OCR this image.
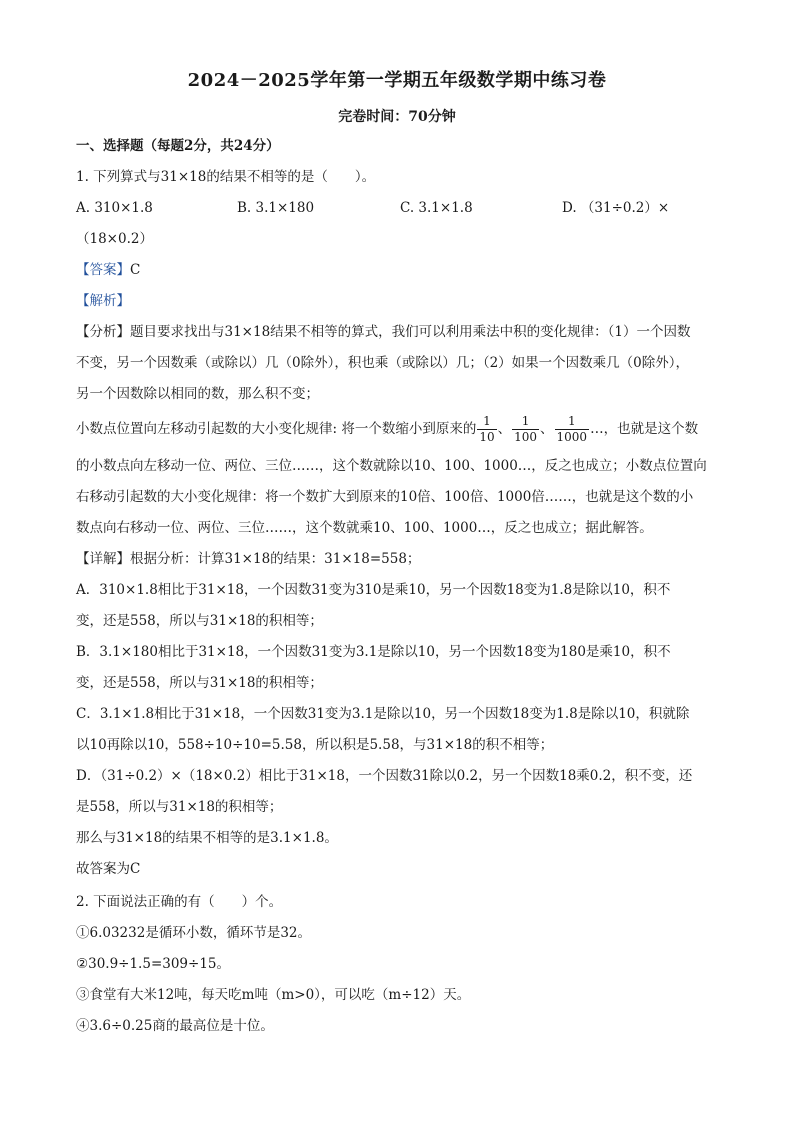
2024－2025学年第一学期五年级数学期中练习卷
完卷时间：70分钟
一、选择题（每题2分，共24分）
1. 下列算式与31×18的结果不相等的是（　　）。
A. 310×1.8	B. 3.1×180	C. 3.1×1.8	D. （31÷0.2）×
（18×0.2）
【答案】C
【解析】
【分析】题目要求找出与31×18结果不相等的算式，我们可以利用乘法中积的变化规律：（1）一个因数
不变，另一个因数乘（或除以）几（0除外），积也乘（或除以）几；（2）如果一个因数乘几（0除外），
另一个因数除以相同的数，那么积不变；
小数点位置向左移动引起数的大小变化规律: 将一个数缩小到原来的 $\frac{1}{10}$ 、 $\frac{1}{100}$ 、 $\frac{1}{1000}$ …，也就是这个数
的小数点向左移动一位、两位、三位……，这个数就除以10、100、1000…，反之也成立；小数点位置向
右移动引起数的大小变化规律：将一个数扩大到原来的10倍、100倍、1000倍……，也就是这个数的小
数点向右移动一位、两位、三位……，这个数就乘10、100、1000…，反之也成立；据此解答。
【详解】根据分析：计算31×18的结果：31×18=558；
A．310×1.8相比于31×18，一个因数31变为310是乘10，另一个因数18变为1.8是除以10，积不
变，还是558，所以与31×18的积相等；
B．3.1×180相比于31×18，一个因数31变为3.1是除以10，另一个因数18变为180是乘10，积不
变，还是558，所以与31×18的积相等；
C．3.1×1.8相比于31×18，一个因数31变为3.1是除以10，另一个因数18变为1.8是除以10，积就除
以10再除以10，558÷10÷10=5.58，所以积是5.58，与31×18的积不相等；
D．（31÷0.2）×（18×0.2）相比于31×18，一个因数31除以0.2，另一个因数18乘0.2，积不变，还
是558，所以与31×18的积相等；
那么与31×18的结果不相等的是3.1×1.8。
故答案为C
2. 下面说法正确的有（　　）个。
①6.03232是循环小数，循环节是32。
②30.9÷1.5=309÷15。
③食堂有大米12吨，每天吃m吨（m>0），可以吃（m÷12）天。
④3.6÷0.25商的最高位是十位。
